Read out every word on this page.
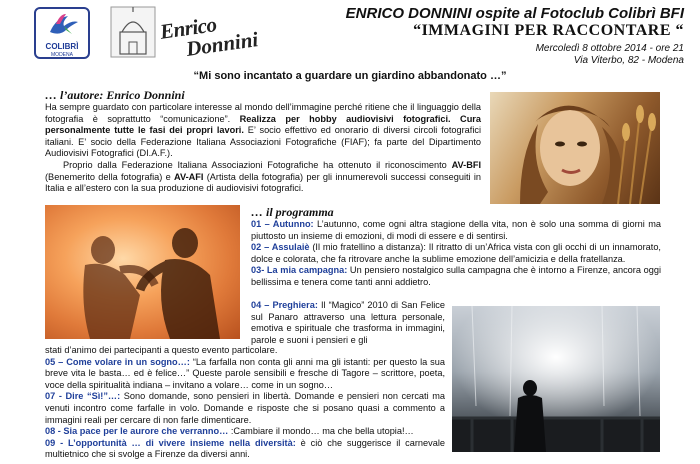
COLIBRÌ
MODENA
Enrico
Donnini
ENRICO DONNINI ospite al Fotoclub Colibrì BFI
“IMMAGINI PER RACCONTARE “
Mercoledì 8 ottobre 2014 - ore 21
Via Viterbo, 82 - Modena
“Mi sono incantato a guardare un giardino abbandonato …”
… l’autore: Enrico Donnini
Ha sempre guardato con particolare interesse al mondo dell’immagine perché ritiene che il linguaggio della fotografia è soprattutto “comunicazione”. Realizza per hobby audiovisivi fotografici. Cura personalmente tutte le fasi dei propri lavori. E’ socio effettivo ed onorario di diversi circoli fotografici italiani. E’ socio della Federazione Italiana Associazioni Fotografiche (FIAF); fa parte del Dipartimento Audiovisivi Fotografici (DI.A.F.).
Proprio dalla Federazione Italiana Associazioni Fotografiche ha ottenuto il riconoscimento AV-BFI (Benemerito della fotografia) e AV-AFI (Artista della fotografia) per gli innumerevoli successi conseguiti in Italia e all’estero con la sua produzione di audiovisivi fotografici.
… il programma
01 – Autunno: L’autunno, come ogni altra stagione della vita, non è solo una somma di giorni ma piuttosto un insieme di emozioni, di modi di essere e di sentirsi.
02 – Assulaiè (Il mio fratellino a distanza): Il ritratto di un’Africa vista con gli occhi di un innamorato, dolce e colorata, che fa ritrovare anche la sublime emozione dell’amicizia e della fratellanza.
03- La mia campagna: Un pensiero nostalgico sulla campagna che è intorno a Firenze, ancora oggi bellissima e tenera come tanti anni addietro.
04 – Preghiera: Il “Magico” 2010 di San Felice sul Panaro attraverso una lettura personale, emotiva e spirituale che trasforma in immagini, parole e suoni i pensieri e gli
stati d’animo dei partecipanti a questo evento particolare.
05 – Come volare in un sogno…: “La farfalla non conta gli anni ma gli istanti: per questo la sua breve vita le basta… ed è felice…” Queste parole sensibili e fresche di Tagore – scrittore, poeta, voce della spiritualità indiana – invitano a volare… come in un sogno…
07 - Dire “Sì!”…: Sono domande, sono pensieri in libertà. Domande e pensieri non cercati ma venuti incontro come farfalle in volo. Domande e risposte che si posano quasi a commento a immagini reali per cercare di non farle dimenticare.
08 - Sia pace per le aurore che verranno… :Cambiare il mondo… ma che bella utopia!…
09 - L’opportunità … di vivere insieme nella diversità: è ciò che suggerisce il carnevale multietnico che si svolge a Firenze da diversi anni.
